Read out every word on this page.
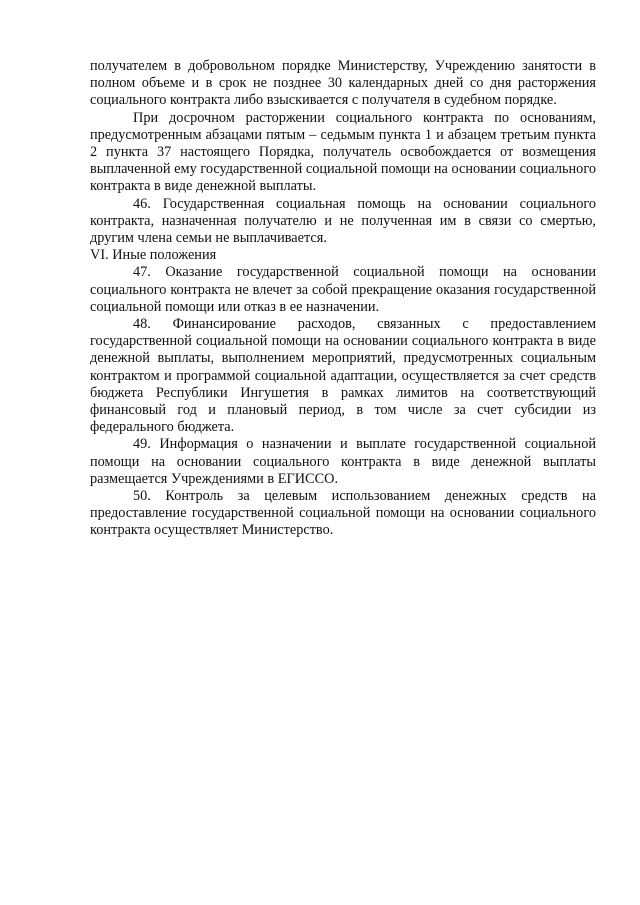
получателем в добровольном порядке Министерству, Учреждению занятости в полном объеме и в срок не позднее 30 календарных дней со дня расторжения социального контракта либо взыскивается с получателя в судебном порядке.

При досрочном расторжении социального контракта по основаниям, предусмотренным абзацами пятым – седьмым пункта 1 и абзацем третьим пункта 2 пункта 37 настоящего Порядка, получатель освобождается от возмещения выплаченной ему государственной социальной помощи на основании социального контракта в виде денежной выплаты.

46. Государственная социальная помощь на основании социального контракта, назначенная получателю и не полученная им в связи со смертью, другим члена семьи не выплачивается.

VI. Иные положения

47. Оказание государственной социальной помощи на основании социального контракта не влечет за собой прекращение оказания государственной социальной помощи или отказ в ее назначении.

48. Финансирование расходов, связанных с предоставлением государственной социальной помощи на основании социального контракта в виде денежной выплаты, выполнением мероприятий, предусмотренных социальным контрактом и программой социальной адаптации, осуществляется за счет средств бюджета Республики Ингушетия в рамках лимитов на соответствующий финансовый год и плановый период, в том числе за счет субсидии из федерального бюджета.

49. Информация о назначении и выплате государственной социальной помощи на основании социального контракта в виде денежной выплаты размещается Учреждениями в ЕГИССО.

50. Контроль за целевым использованием денежных средств на предоставление государственной социальной помощи на основании социального контракта осуществляет Министерство.
